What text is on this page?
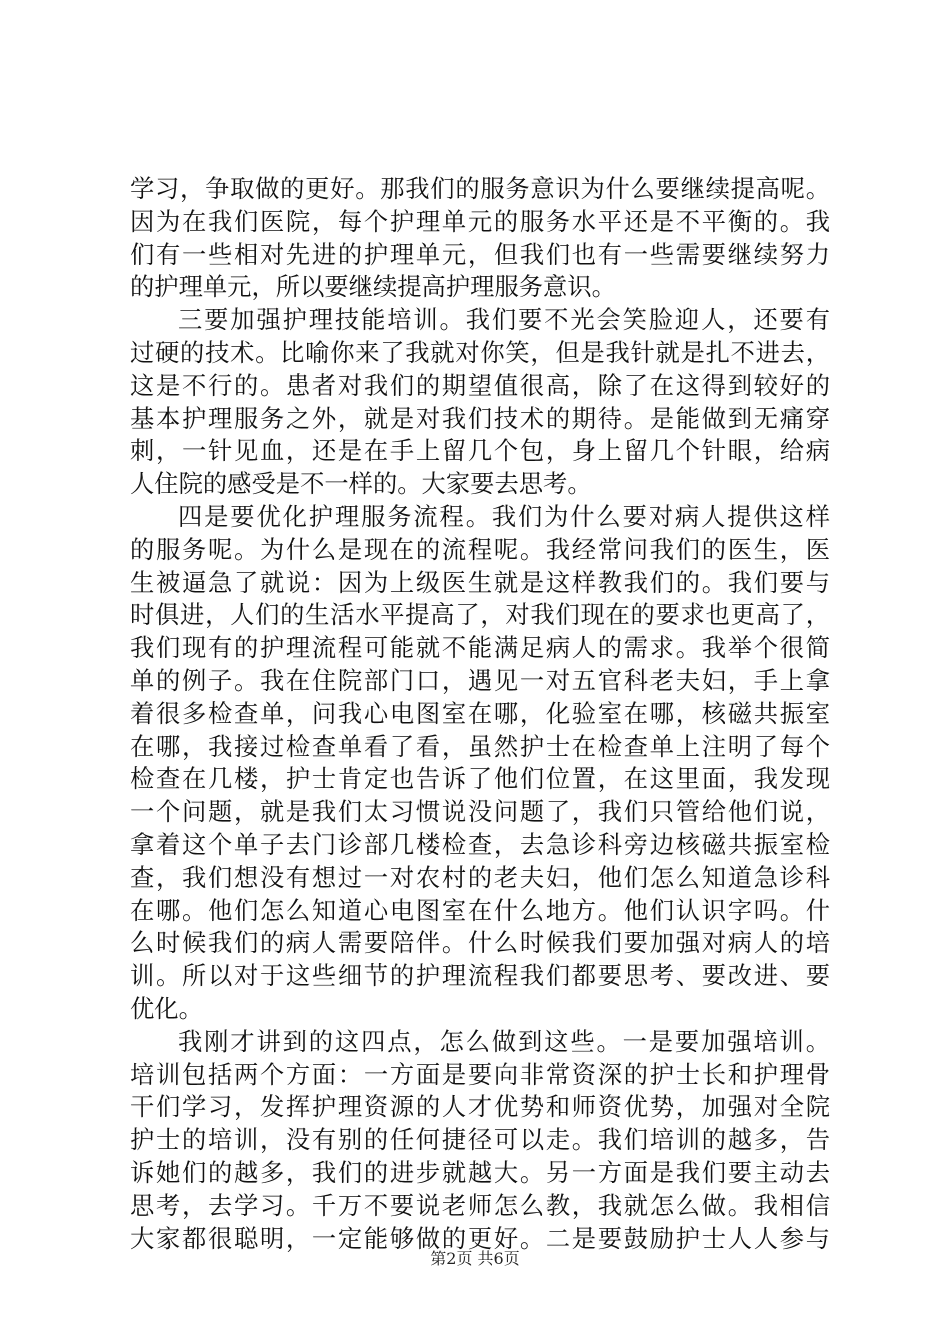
学习，争取做的更好。那我们的服务意识为什么要继续提高呢。
因为在我们医院，每个护理单元的服务水平还是不平衡的。我
们有一些相对先进的护理单元，但我们也有一些需要继续努力
的护理单元，所以要继续提高护理服务意识。
三要加强护理技能培训。我们要不光会笑脸迎人，还要有
过硬的技术。比喻你来了我就对你笑，但是我针就是扎不进去，
这是不行的。患者对我们的期望值很高，除了在这得到较好的
基本护理服务之外，就是对我们技术的期待。是能做到无痛穿
刺，一针见血，还是在手上留几个包，身上留几个针眼，给病
人住院的感受是不一样的。大家要去思考。
四是要优化护理服务流程。我们为什么要对病人提供这样
的服务呢。为什么是现在的流程呢。我经常问我们的医生，医
生被逼急了就说：因为上级医生就是这样教我们的。我们要与
时俱进，人们的生活水平提高了，对我们现在的要求也更高了，
我们现有的护理流程可能就不能满足病人的需求。我举个很简
单的例子。我在住院部门口，遇见一对五官科老夫妇，手上拿
着很多检查单，问我心电图室在哪，化验室在哪，核磁共振室
在哪，我接过检查单看了看，虽然护士在检查单上注明了每个
检查在几楼，护士肯定也告诉了他们位置，在这里面，我发现
一个问题，就是我们太习惯说没问题了，我们只管给他们说，
拿着这个单子去门诊部几楼检查，去急诊科旁边核磁共振室检
查，我们想没有想过一对农村的老夫妇，他们怎么知道急诊科
在哪。他们怎么知道心电图室在什么地方。他们认识字吗。什
么时候我们的病人需要陪伴。什么时候我们要加强对病人的培
训。所以对于这些细节的护理流程我们都要思考、要改进、要
优化。
我刚才讲到的这四点，怎么做到这些。一是要加强培训。
培训包括两个方面：一方面是要向非常资深的护士长和护理骨
干们学习，发挥护理资源的人才优势和师资优势，加强对全院
护士的培训，没有别的任何捷径可以走。我们培训的越多，告
诉她们的越多，我们的进步就越大。另一方面是我们要主动去
思考，去学习。千万不要说老师怎么教，我就怎么做。我相信
大家都很聪明，一定能够做的更好。二是要鼓励护士人人参与
第2页 共6页
